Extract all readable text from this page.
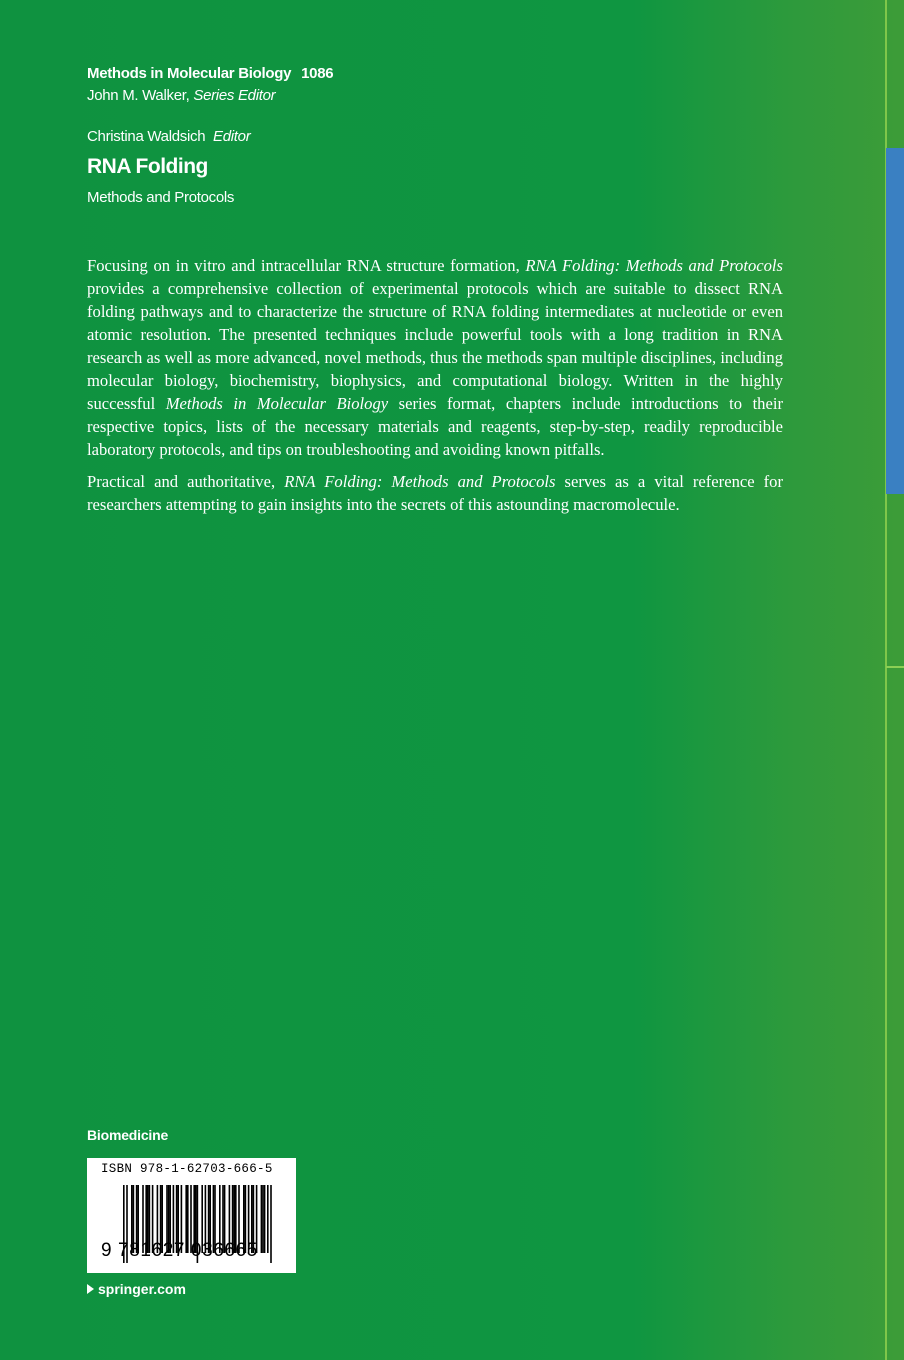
Methods in Molecular Biology 1086
John M. Walker, Series Editor
Christina Waldsich Editor
RNA Folding
Methods and Protocols

Focusing on in vitro and intracellular RNA structure formation, RNA Folding: Methods and Protocols provides a comprehensive collection of experimental protocols which are suitable to dissect RNA folding pathways and to characterize the structure of RNA folding intermediates at nucleotide or even atomic resolution. The presented techniques include powerful tools with a long tradition in RNA research as well as more advanced, novel methods, thus the methods span multiple disciplines, including molecular biology, biochemistry, biophysics, and computational biology. Written in the highly successful Methods in Molecular Biology series format, chapters include introductions to their respective topics, lists of the necessary materials and reagents, step-by-step, readily reproducible laboratory protocols, and tips on troubleshooting and avoiding known pitfalls.

Practical and authoritative, RNA Folding: Methods and Protocols serves as a vital reference for researchers attempting to gain insights into the secrets of this astounding macromolecule.

Biomedicine
ISBN 978-1-62703-666-5
9 781627 036665
springer.com
